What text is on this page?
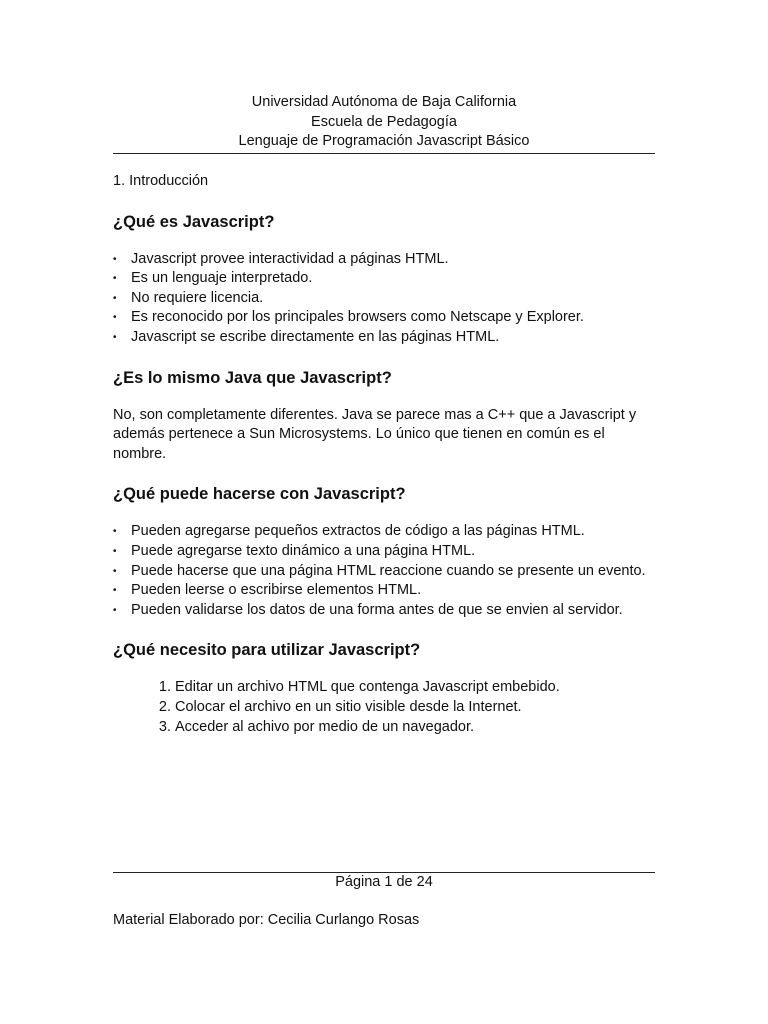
Universidad Autónoma de Baja California
Escuela de Pedagogía
Lenguaje de Programación Javascript Básico
1. Introducción
¿Qué es Javascript?
• Javascript provee interactividad a páginas HTML.
• Es un lenguaje interpretado.
• No requiere licencia.
• Es reconocido por los principales browsers como Netscape y Explorer.
• Javascript se escribe directamente en las páginas HTML.
¿Es lo mismo Java que Javascript?

No, son completamente diferentes. Java se parece mas a C++ que a Javascript y además pertenece a Sun Microsystems. Lo único que tienen en común es el nombre.

¿Qué puede hacerse con Javascript?
• Pueden agregarse pequeños extractos de código a las páginas HTML.
• Puede agregarse texto dinámico a una página HTML.
• Puede hacerse que una página HTML reaccione cuando se presente un evento.
• Pueden leerse o escribirse elementos HTML.
• Pueden validarse los datos de una forma antes de que se envien al servidor.
¿Qué necesito para utilizar Javascript?
1. Editar un archivo HTML que contenga Javascript embebido.
2. Colocar el archivo en un sitio visible desde la Internet.
3. Acceder al achivo por medio de un navegador.
Página 1 de 24
Material Elaborado por: Cecilia Curlango Rosas
